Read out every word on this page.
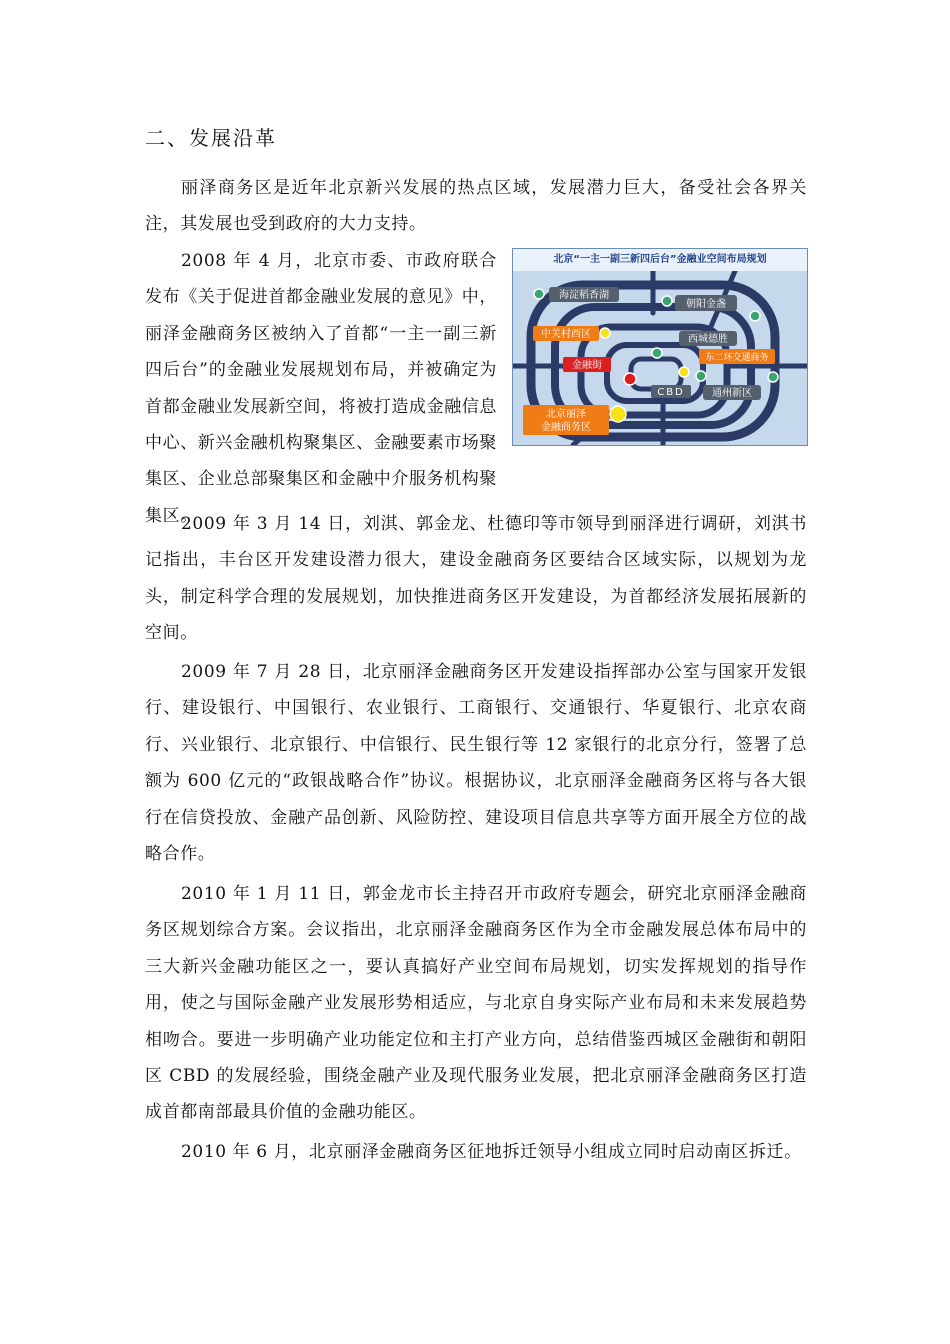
二、发展沿革

丽泽商务区是近年北京新兴发展的热点区域，发展潜力巨大，备受社会各界关注，其发展也受到政府的大力支持。

2008 年 4 月，北京市委、市政府联合发布《关于促进首都金融业发展的意见》中，丽泽金融商务区被纳入了首都“一主一副三新四后台”的金融业发展规划布局，并被确定为首都金融业发展新空间，将被打造成金融信息中心、新兴金融机构聚集区、金融要素市场聚集区、企业总部聚集区和金融中介服务机构聚集区。

北京“一主一副三新四后台”金融业空间布局规划
海淀稻香湖
朝阳金盏
中关村西区	西城德胜
金融街
东二环交通商务
CBD	通州新区
北京丽泽
金融商务区

2009 年 3 月 14 日，刘淇、郭金龙、杜德印等市领导到丽泽进行调研，刘淇书记指出，丰台区开发建设潜力很大，建设金融商务区要结合区域实际，以规划为龙头，制定科学合理的发展规划，加快推进商务区开发建设，为首都经济发展拓展新的空间。

2009 年 7 月 28 日，北京丽泽金融商务区开发建设指挥部办公室与国家开发银行、建设银行、中国银行、农业银行、工商银行、交通银行、华夏银行、北京农商行、兴业银行、北京银行、中信银行、民生银行等 12 家银行的北京分行，签署了总额为 600 亿元的“政银战略合作”协议。根据协议，北京丽泽金融商务区将与各大银行在信贷投放、金融产品创新、风险防控、建设项目信息共享等方面开展全方位的战略合作。

2010 年 1 月 11 日，郭金龙市长主持召开市政府专题会，研究北京丽泽金融商务区规划综合方案。会议指出，北京丽泽金融商务区作为全市金融发展总体布局中的三大新兴金融功能区之一，要认真搞好产业空间布局规划，切实发挥规划的指导作用，使之与国际金融产业发展形势相适应，与北京自身实际产业布局和未来发展趋势相吻合。要进一步明确产业功能定位和主打产业方向，总结借鉴西城区金融街和朝阳区 CBD 的发展经验，围绕金融产业及现代服务业发展，把北京丽泽金融商务区打造成首都南部最具价值的金融功能区。

2010 年 6 月，北京丽泽金融商务区征地拆迁领导小组成立同时启动南区拆迁。
